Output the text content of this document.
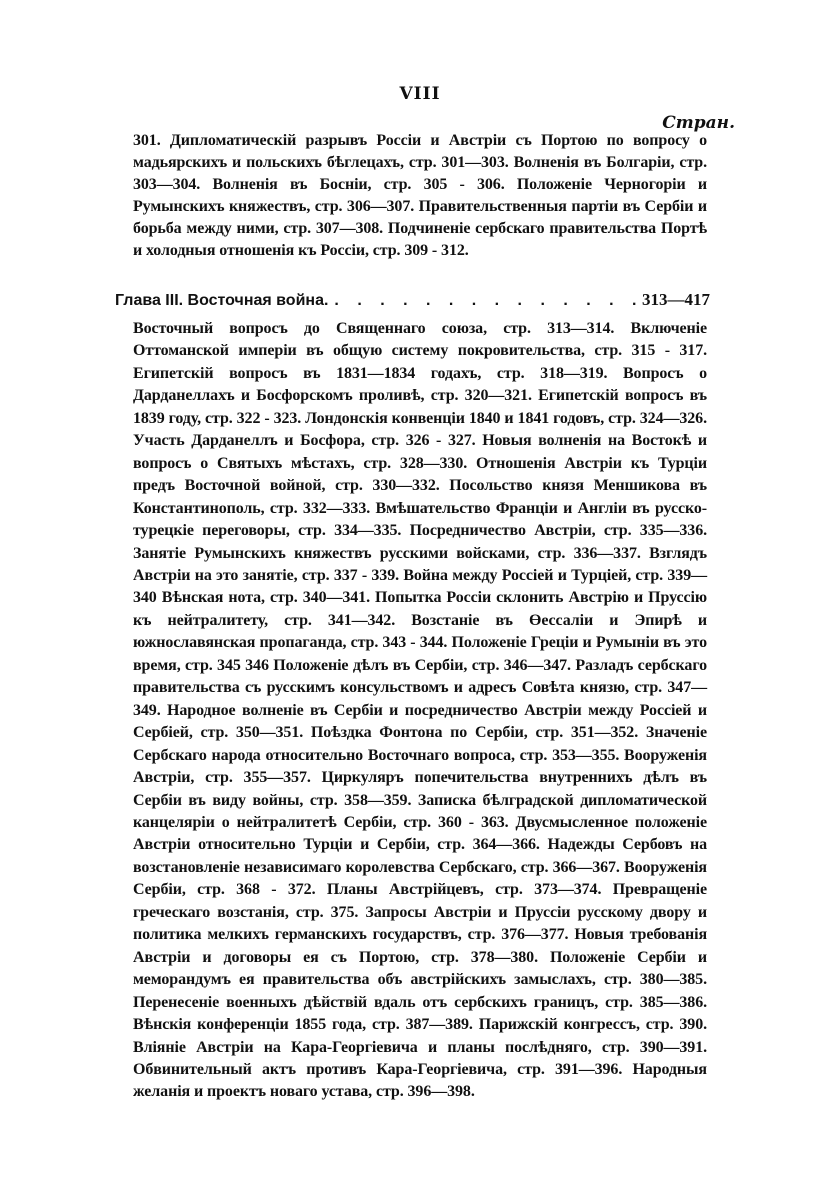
VIII
Стран.
301. Дипломатическій разрывъ Россіи и Австріи съ Портою по вопросу о мадьярскихъ и польскихъ бѣглецахъ, стр. 301—303. Волненія въ Болгаріи, стр. 303—304. Волненія въ Босніи, стр. 305 - 306. Положеніе Черногоріи и Румынскихъ княжествъ, стр. 306—307. Правительственныя партіи въ Сербіи и борьба между ними, стр. 307—308. Подчиненіе сербскаго правительства Портѣ и холодныя отношенія къ Россіи, стр. 309 - 312.
Глава III. Восточная война.
. . .	313—417
Восточный вопросъ до Священнаго союза, стр. 313—314. Включеніе Оттоманской имперіи въ общую систему покровительства, стр. 315 - 317. Египетскій вопросъ въ 1831—1834 годахъ, стр. 318—319. Вопросъ о Дарданеллахъ и Босфорскомъ проливѣ, стр. 320—321. Египетскій вопросъ въ 1839 году, стр. 322 - 323. Лондонскія конвенціи 1840 и 1841 годовъ, стр. 324—326. Участь Дарданеллъ и Босфора, стр. 326 - 327. Новыя волненія на Востокѣ и вопросъ о Святыхъ мѣстахъ, стр. 328—330. Отношенія Австріи къ Турціи предъ Восточной войной, стр. 330—332. Посольство князя Меншикова въ Константинополь, стр. 332—333. Вмѣшательство Франціи и Англіи въ русско-турецкіе переговоры, стр. 334—335. Посредничество Австріи, стр. 335—336. Занятіе Румынскихъ княжествъ русскими войсками, стр. 336—337. Взглядъ Австріи на это занятіе, стр. 337 - 339. Война между Россіей и Турціей, стр. 339—340 Вѣнская нота, стр. 340—341. Попытка Россіи склонить Австрію и Пруссію къ нейтралитету, стр. 341—342. Возстаніе въ Өессаліи и Эпирѣ и южнославянская пропаганда, стр. 343 - 344. Положеніе Греціи и Румыніи въ это время, стр. 345 346 Положеніе дѣлъ въ Сербіи, стр. 346—347. Разладъ сербскаго правительства съ русскимъ консульствомъ и адресъ Совѣта князю, стр. 347—349. Народное волненіе въ Сербіи и посредничество Австріи между Россіей и Сербіей, стр. 350—351. Поѣздка Фонтона по Сербіи, стр. 351—352. Значеніе Сербскаго народа относительно Восточнаго вопроса, стр. 353—355. Вооруженія Австріи, стр. 355—357. Циркуляръ попечительства внутреннихъ дѣлъ въ Сербіи въ виду войны, стр. 358—359. Записка бѣлградской дипломатической канцеляріи о нейтралитетѣ Сербіи, стр. 360 - 363. Двусмысленное положеніе Австріи относительно Турціи и Сербіи, стр. 364—366. Надежды Сербовъ на возстановленіе независимаго королевства Сербскаго, стр. 366—367. Вооруженія Сербіи, стр. 368 - 372. Планы Австрійцевъ, стр. 373—374. Превращеніе греческаго возстанія, стр. 375. Запросы Австріи и Пруссіи русскому двору и политика мелкихъ германскихъ государствъ, стр. 376—377. Новыя требованія Австріи и договоры ея съ Портою, стр. 378—380. Положеніе Сербіи и меморандумъ ея правительства объ австрійскихъ замыслахъ, стр. 380—385. Перенесеніе военныхъ дѣйствій вдаль отъ сербскихъ границъ, стр. 385—386. Вѣнскія конференціи 1855 года, стр. 387—389. Парижскій конгрессъ, стр. 390. Вліяніе Австріи на Кара-Георгіевича и планы послѣдняго, стр. 390—391. Обвинительный актъ противъ Кара-Георгіевича, стр. 391—396. Народныя желанія и проектъ новаго устава, стр. 396—398.
